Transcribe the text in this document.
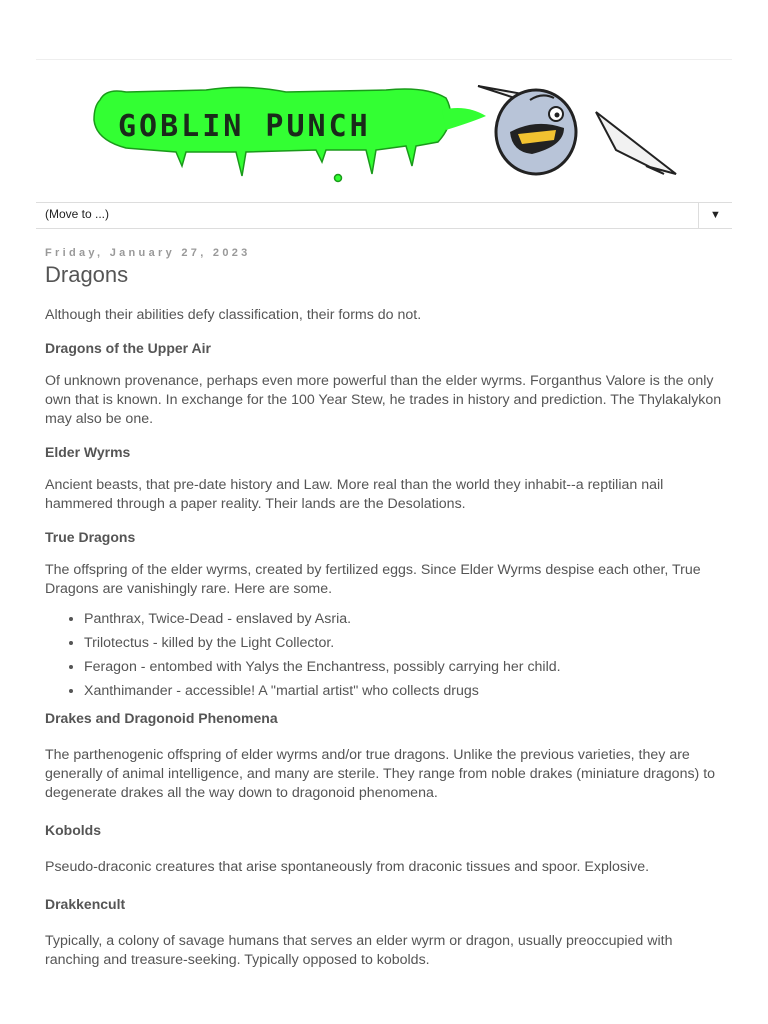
GOBLIN PUNCH
(Move to ...)	▼
Friday, January 27, 2023
Dragons

Although their abilities defy classification, their forms do not.

Dragons of the Upper Air

Of unknown provenance, perhaps even more powerful than the elder wyrms. Forganthus Valore is the only own that is known. In exchange for the 100 Year Stew, he trades in history and prediction. The Thylakalykon may also be one.

Elder Wyrms

Ancient beasts, that pre-date history and Law. More real than the world they inhabit--a reptilian nail hammered through a paper reality. Their lands are the Desolations.

True Dragons

The offspring of the elder wyrms, created by fertilized eggs. Since Elder Wyrms despise each other, True Dragons are vanishingly rare. Here are some.

• Panthrax, Twice-Dead - enslaved by Asria.
• Trilotectus - killed by the Light Collector.
• Feragon - entombed with Yalys the Enchantress, possibly carrying her child.
• Xanthimander - accessible! A "martial artist" who collects drugs
Drakes and Dragonoid Phenomena

The parthenogenic offspring of elder wyrms and/or true dragons. Unlike the previous varieties, they are generally of animal intelligence, and many are sterile. They range from noble drakes (miniature dragons) to degenerate drakes all the way down to dragonoid phenomena.

Kobolds

Pseudo-draconic creatures that arise spontaneously from draconic tissues and spoor. Explosive.

Drakkencult

Typically, a colony of savage humans that serves an elder wyrm or dragon, usually preoccupied with ranching and treasure-seeking. Typically opposed to kobolds.
